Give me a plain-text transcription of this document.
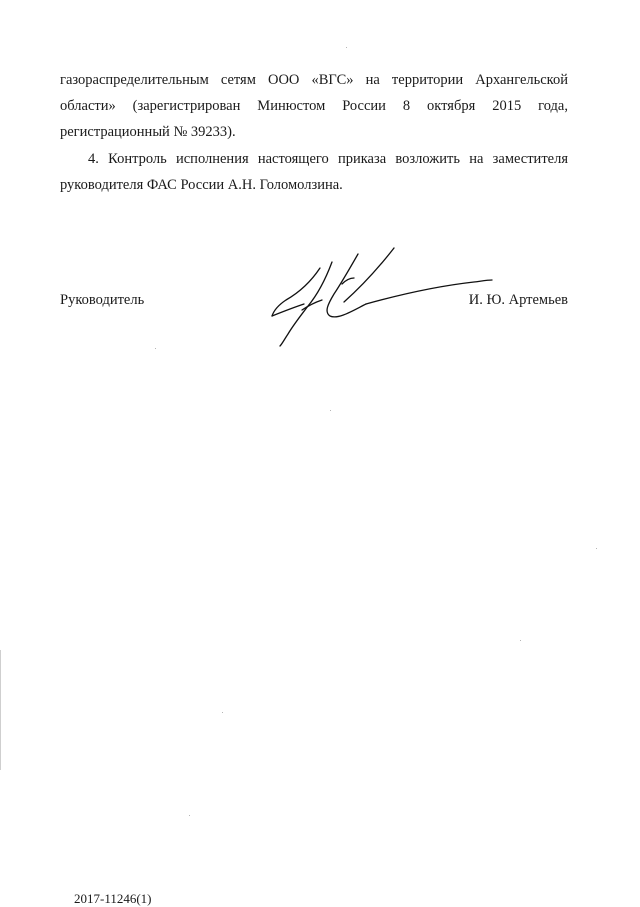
газораспределительным сетям ООО «ВГС» на территории Архангельской
области» (зарегистрирован Минюстом России 8 октября 2015 года,
регистрационный № 39233).
4. Контроль исполнения настоящего приказа возложить на заместителя
руководителя ФАС России А.Н. Голомолзина.
Руководитель	И. Ю. Артемьев
2017-11246(1)
